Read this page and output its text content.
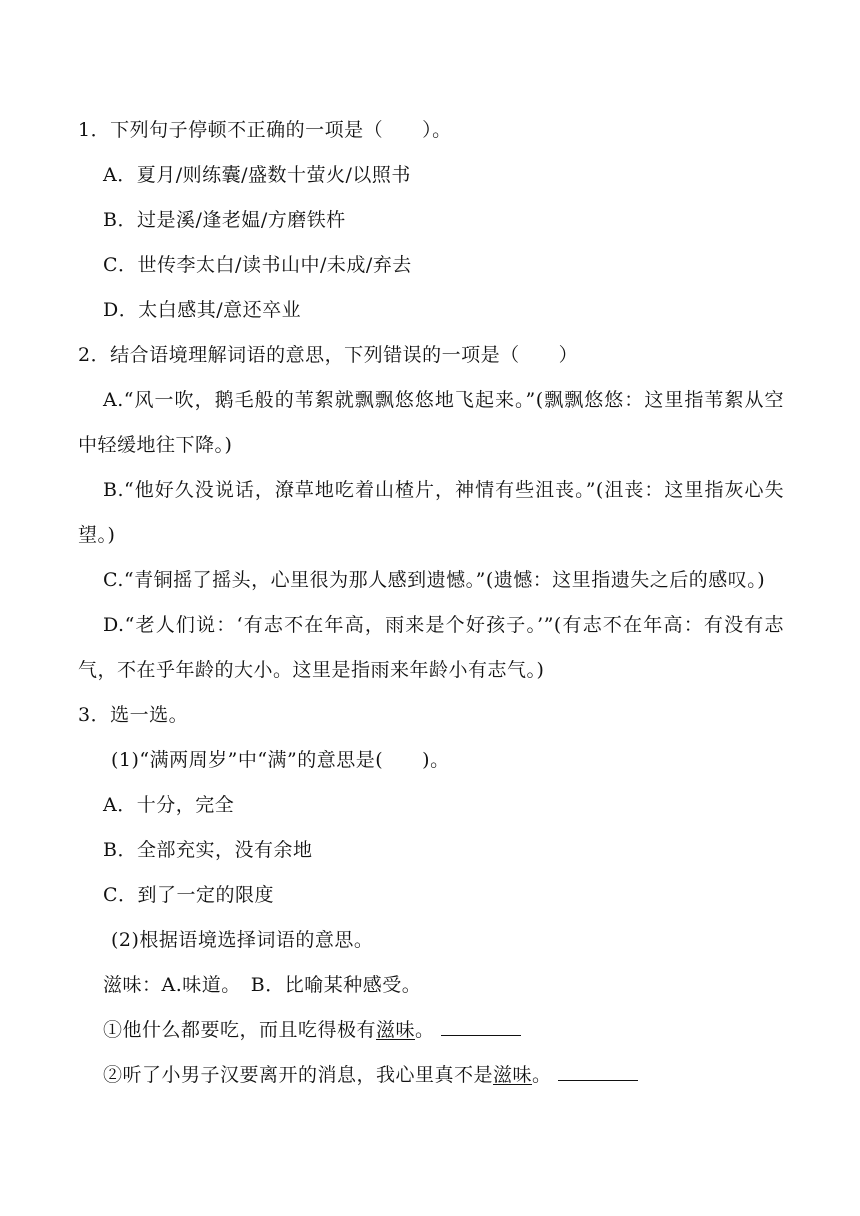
1．下列句子停顿不正确的一项是（　　）。
A．夏月/则练囊/盛数十萤火/以照书
B．过是溪/逢老媪/方磨铁杵
C．世传李太白/读书山中/未成/弃去
D．太白感其/意还卒业
2．结合语境理解词语的意思，下列错误的一项是（　　）
A.“风一吹，鹅毛般的苇絮就飘飘悠悠地飞起来。”(飘飘悠悠：这里指苇絮从空中轻缓地往下降。)
B.“他好久没说话，潦草地吃着山楂片，神情有些沮丧。”(沮丧：这里指灰心失望。)
C.“青铜摇了摇头，心里很为那人感到遗憾。”(遗憾：这里指遗失之后的感叹。)
D.“老人们说：‘有志不在年高，雨来是个好孩子。’”(有志不在年高：有没有志气，不在乎年龄的大小。这里是指雨来年龄小有志气。)
3．选一选。
(1)“满两周岁”中“满”的意思是(　　)。
A．十分，完全
B．全部充实，没有余地
C．到了一定的限度
(2)根据语境选择词语的意思。
滋味：A.味道。　B．比喻某种感受。
①他什么都要吃，而且吃得极有滋味。
②听了小男子汉要离开的消息，我心里真不是滋味。
